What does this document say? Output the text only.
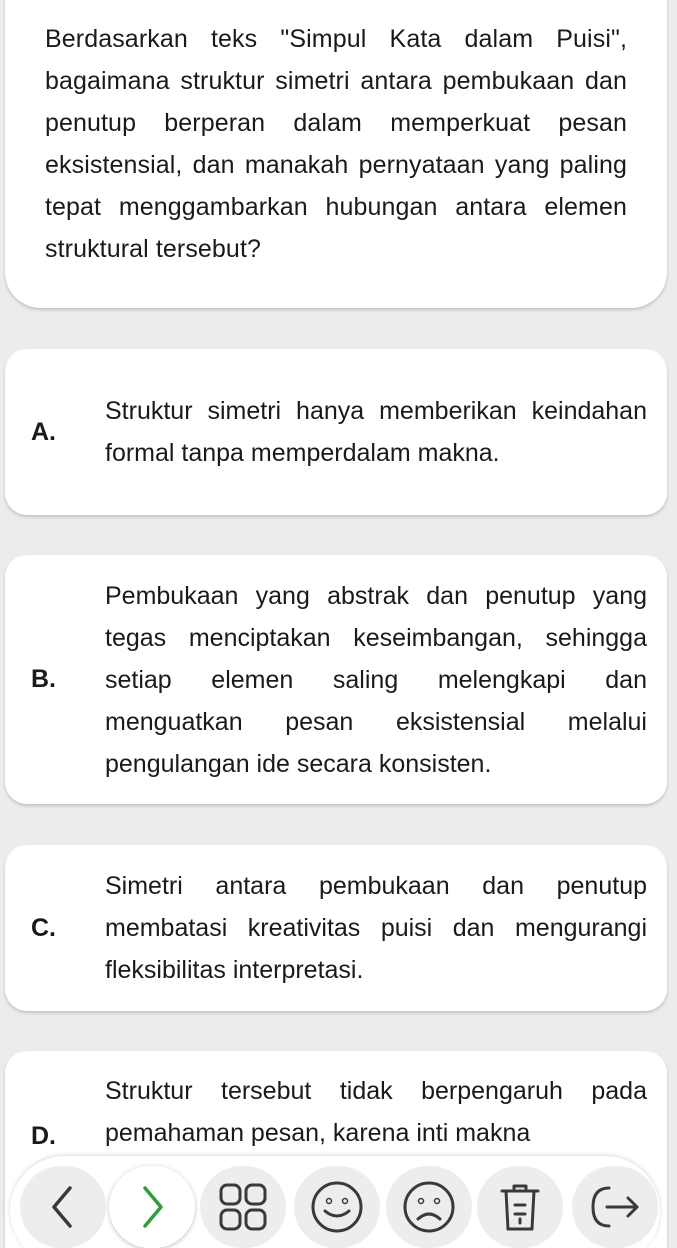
Berdasarkan teks "Simpul Kata dalam Puisi", bagaimana struktur simetri antara pembukaan dan penutup berperan dalam memperkuat pesan eksistensial, dan manakah pernyataan yang paling tepat menggambarkan hubungan antara elemen struktural tersebut?

A.
Struktur simetri hanya memberikan keindahan formal tanpa memperdalam makna.
B.
Pembukaan yang abstrak dan penutup yang tegas menciptakan keseimbangan, sehingga setiap elemen saling melengkapi dan menguatkan pesan eksistensial melalui pengulangan ide secara konsisten.
C.
Simetri antara pembukaan dan penutup membatasi kreativitas puisi dan mengurangi fleksibilitas interpretasi.
D.
Struktur tersebut tidak berpengaruh pada pemahaman pesan, karena inti makna
